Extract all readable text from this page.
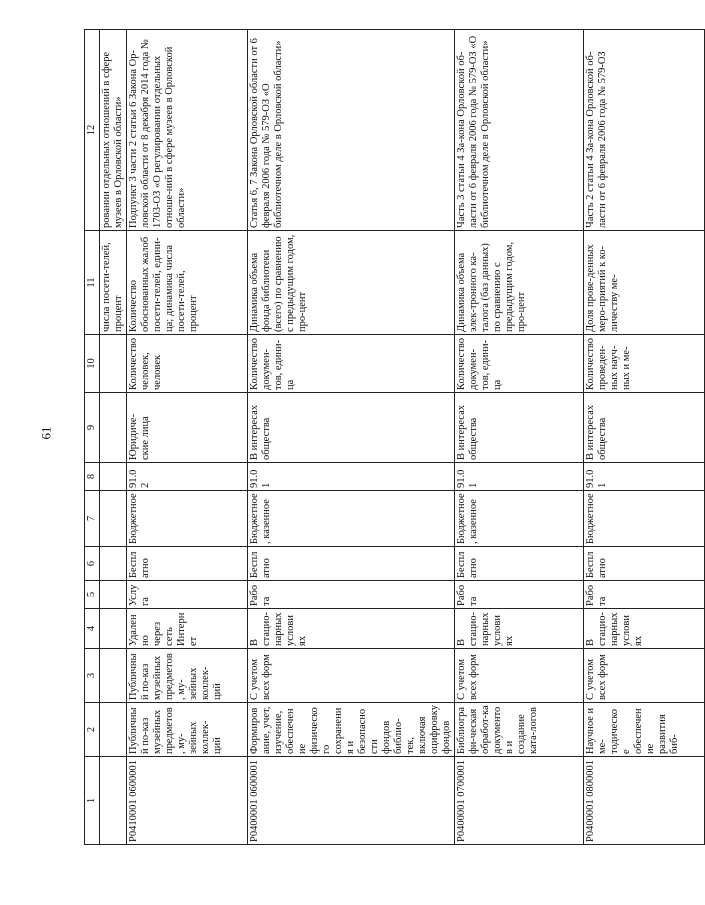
61
1	2	3	4	5	6	7	8	9	10	11	12
										числа посети-телей, процент	ровании отдельных отношений в сфере музеев в Орловской области»
Р0410001 0600001	Публичный по-каз музейных предметов, му-зейных коллек-ций	Публичный по-каз музейных предметов, му-зейных коллек-ций	Удаленно через сеть Интернет	Услуга	Бесплатно	Бюджетное	91.02	Юридиче-ские лица	Количество человек, человек	Количество обоснованных жалоб посети-телей, едини-ца; динамика числа посети-телей, процент	Подпункт 3 части 2 статьи 6 Закона Ор-ловской области от 8 декабря 2014 года № 1703-ОЗ «О регулировании отдельных отноше-ний в сфере музеев в Орловской области»
Р0400001 0600001	Формирование, учет, изучение, обеспечение физического сохранения и безопасности фондов библио-тек, включая оцифровку фондов	С учетом всех форм	В стацио-нарных условиях	Работа	Бесплатно	Бюджетное, казенное	91.01	В интересах общества	Количество докумен-тов, едини-ца	Динамика объема фонда библиотеки (всего) по сравнению с предыдущим годом, про-цент	Статья 6, 7 Закона Орловской области от 6 февраля 2006 года № 579-ОЗ «О библиотечном деле в Орловской области»
Р0400001 0700001	Библиографи-ческая обработ-ка документов и создание ката-логов	С учетом всех форм	В стацио-нарных условиях	Работа	Бесплатно	Бюджетное, казенное	91.01	В интересах общества	Количество докумен-тов, едини-ца	Динамика объема элек-тронного ка-талога (баз данных) по сравнению с предыдущим годом, про-цент	Часть 3 статьи 4 За-кона Орловской об-ласти от 6 февраля 2006 года № 579-ОЗ «О библиотечном деле в Орловской области»
Р0400001 0800001	Научное и ме-тодическое обеспечение развития биб-	С учетом всех форм	В стацио-нарных условиях	Работа	Бесплатно	Бюджетное	91.01	В интересах общества	Количество проведен-ных науч-ных и ме-	Доля прове-денных меро-приятий к ко-личеству ме-	Часть 2 статьи 4 За-кона Орловской об-ласти от 6 февраля 2006 года № 579-ОЗ
